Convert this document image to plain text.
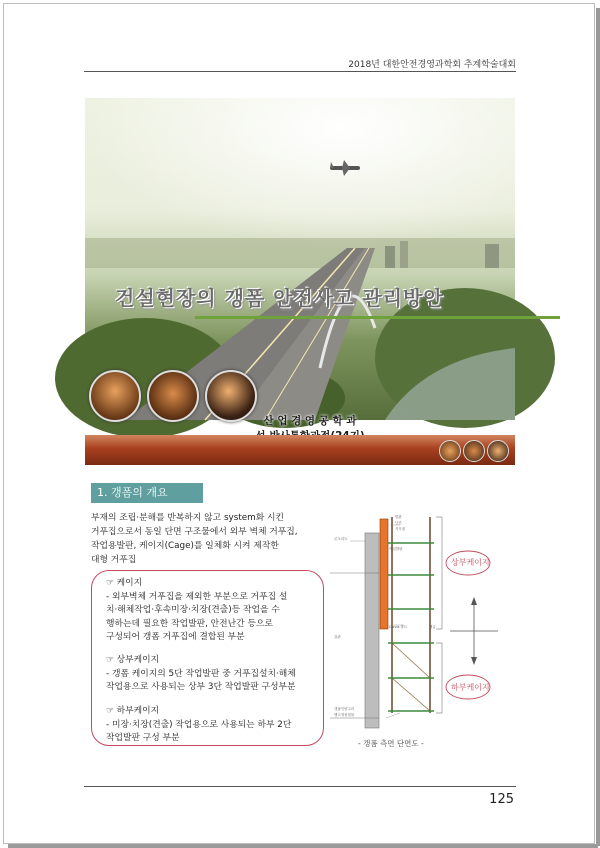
2018년 대한안전경영과학회 추계학술대회
건설현장의 갱폼 안전사고 관리방안
산 업 경 영 공 학 과
1. 갱폼의 개요
부재의 조립·분해를 반복하지 않고 system화 시킨
거푸집으로서 동일 단면 구조물에서 외부 벽체 거푸집,
작업용발판, 케이지(Cage)를 일체화 시켜 제작한
대형 거푸집
☞ 케이지
- 외부벽체 거푸집을 제외한 부분으로 거푸집 설
치·해체작업·후속미장·치장(견출)등 작업을 수
행하는데 필요한 작업발판, 안전난간 등으로
구성되어 갱폼 거푸집에 결합된 부분
☞ 상부케이지
- 갱폼 케이지의 5단 작업발판 중 거푸집설치·해체
작업용으로 사용되는 상부 3단 작업발판 구성부분
☞ 하부케이지
- 미장·치장(견출) 작업용으로 사용되는 하부 2단
작업발판 구성 부분
상부케이지
하부케이지
- 갱폼 측면 단면도 -
발판
난간
거푸집
콘크리트
작업발판
Clevis 볼트	앵글
강관
갱폼인양고리
앵고정용철물
125
